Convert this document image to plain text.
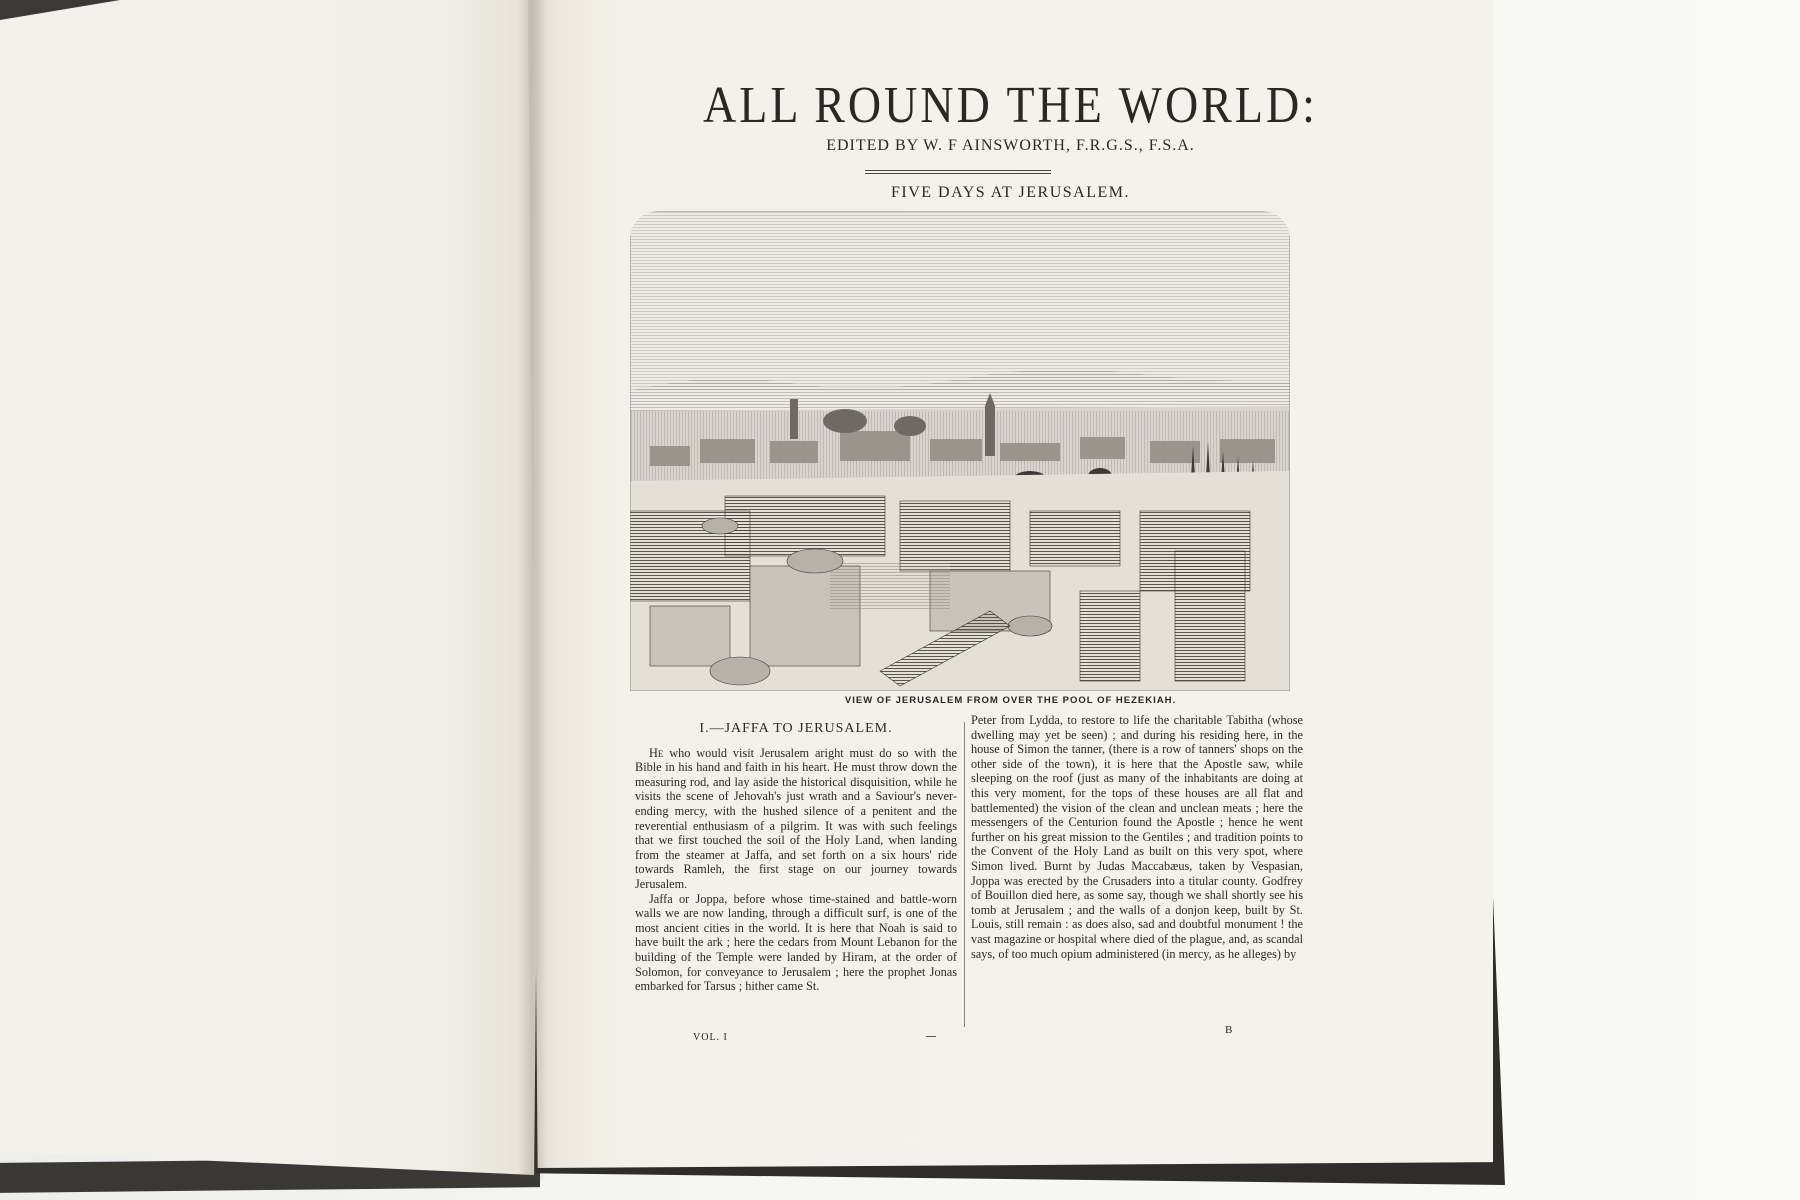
ALL ROUND THE WORLD:
EDITED BY W. F AINSWORTH, F.R.G.S., F.S.A.
FIVE DAYS AT JERUSALEM.
VIEW OF JERUSALEM FROM OVER THE POOL OF HEZEKIAH.

I.—JAFFA TO JERUSALEM.

He who would visit Jerusalem aright must do so with the Bible in his hand and faith in his heart. He must throw down the measuring rod, and lay aside the historical disquisition, while he visits the scene of Jehovah's just wrath and a Saviour's never-ending mercy, with the hushed silence of a penitent and the reverential enthusiasm of a pilgrim. It was with such feelings that we first touched the soil of the Holy Land, when landing from the steamer at Jaffa, and set forth on a six hours' ride towards Ramleh, the first stage on our journey towards Jerusalem.

Jaffa or Joppa, before whose time-stained and battle-worn walls we are now landing, through a difficult surf, is one of the most ancient cities in the world. It is here that Noah is said to have built the ark ; here the cedars from Mount Lebanon for the building of the Temple were landed by Hiram, at the order of Solomon, for conveyance to Jerusalem ; here the prophet Jonas embarked for Tarsus ; hither came St.

Peter from Lydda, to restore to life the charitable Tabitha (whose dwelling may yet be seen) ; and during his residing here, in the house of Simon the tanner, (there is a row of tanners' shops on the other side of the town), it is here that the Apostle saw, while sleeping on the roof (just as many of the inhabitants are doing at this very moment, for the tops of these houses are all flat and battlemented) the vision of the clean and unclean meats ; here the messengers of the Centurion found the Apostle ; hence he went further on his great mission to the Gentiles ; and tradition points to the Convent of the Holy Land as built on this very spot, where Simon lived. Burnt by Judas Maccabæus, taken by Vespasian, Joppa was erected by the Crusaders into a titular county. Godfrey of Bouillon died here, as some say, though we shall shortly see his tomb at Jerusalem ; and the walls of a donjon keep, built by St. Louis, still remain : as does also, sad and doubtful monument ! the vast magazine or hospital where died of the plague, and, as scandal says, of too much opium administered (in mercy, as he alleges) by

VOL. I
B
